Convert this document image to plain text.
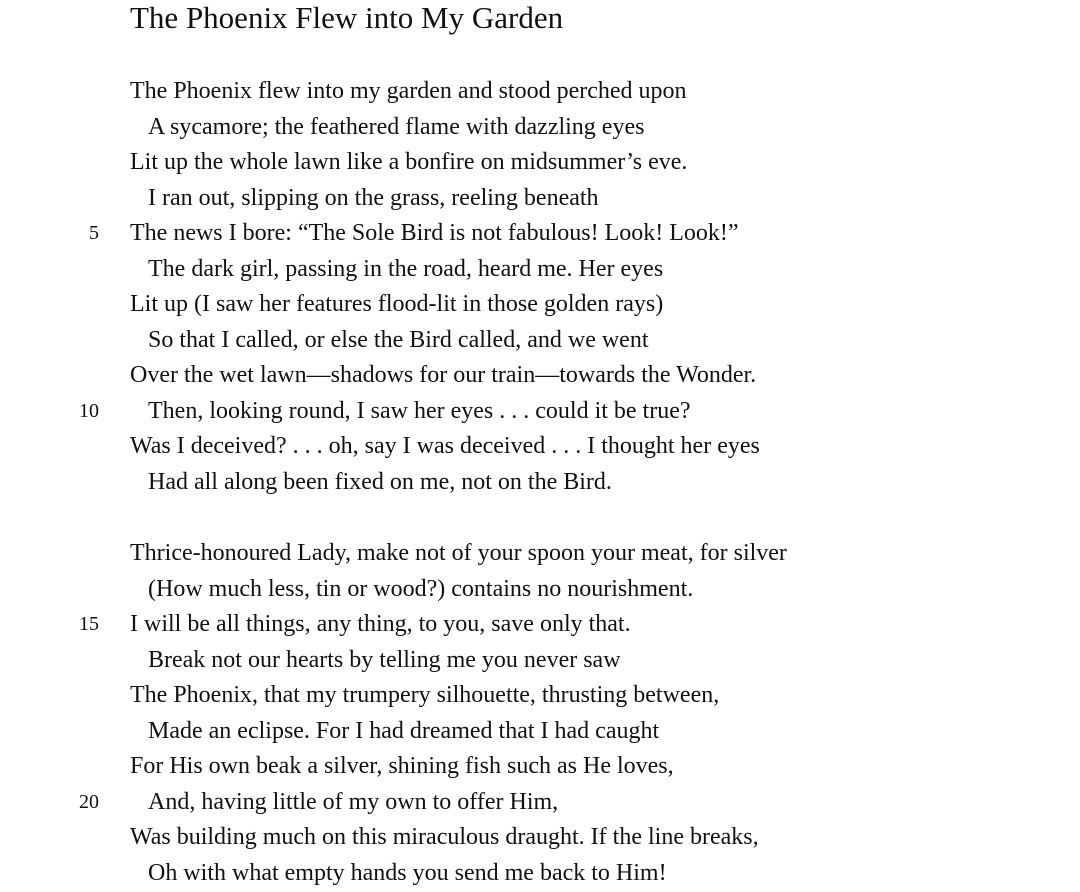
The Phoenix Flew into My Garden
The Phoenix flew into my garden and stood perched upon
A sycamore; the feathered flame with dazzling eyes
Lit up the whole lawn like a bonfire on midsummer’s eve.
I ran out, slipping on the grass, reeling beneath
5 The news I bore: “The Sole Bird is not fabulous! Look! Look!”
The dark girl, passing in the road, heard me. Her eyes
Lit up (I saw her features flood-lit in those golden rays)
So that I called, or else the Bird called, and we went
Over the wet lawn—shadows for our train—towards the Wonder.
10 Then, looking round, I saw her eyes . . . could it be true?
Was I deceived? . . . oh, say I was deceived . . . I thought her eyes
Had all along been fixed on me, not on the Bird.
Thrice-honoured Lady, make not of your spoon your meat, for silver
(How much less, tin or wood?) contains no nourishment.
15 I will be all things, any thing, to you, save only that.
Break not our hearts by telling me you never saw
The Phoenix, that my trumpery silhouette, thrusting between,
Made an eclipse. For I had dreamed that I had caught
For His own beak a silver, shining fish such as He loves,
20 And, having little of my own to offer Him,
Was building much on this miraculous draught. If the line breaks,
Oh with what empty hands you send me back to Him!
